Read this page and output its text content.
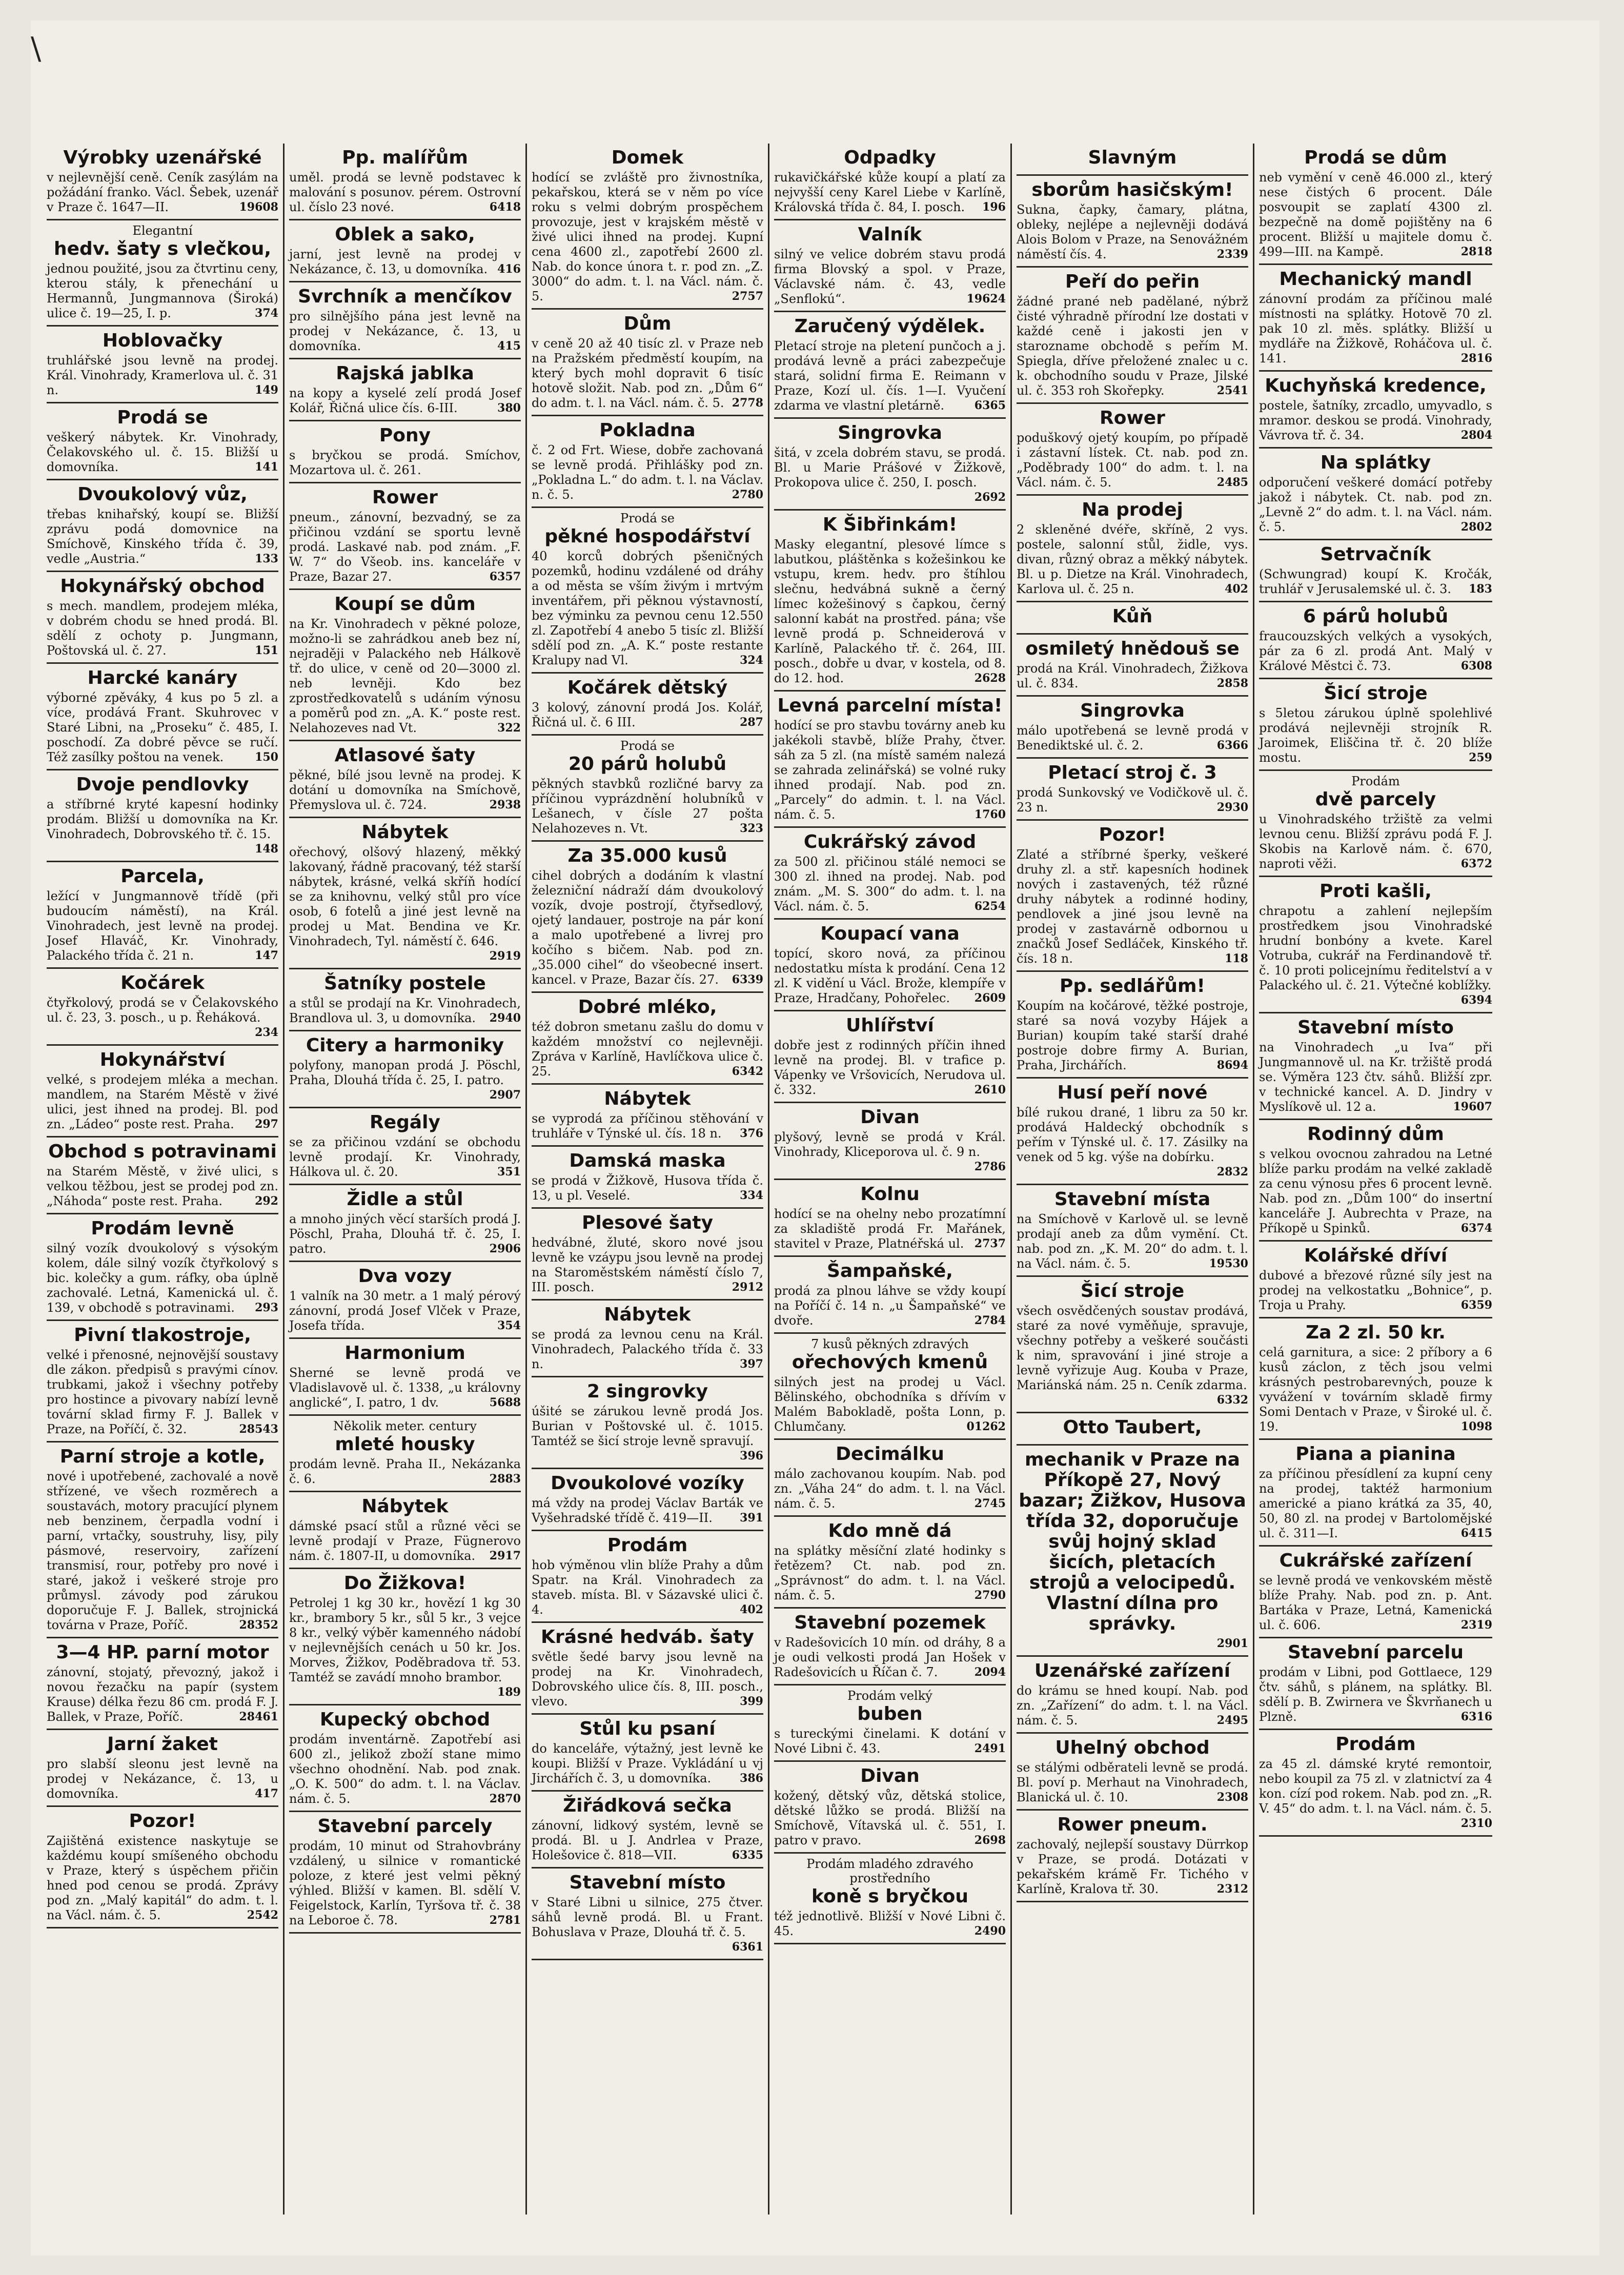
\
Výrobky uzenářské
v nejlevnější ceně. Ceník zasýlám na požádání franko. Václ. Šebek, uzenář v Praze č. 1647—II.	19608
Elegantní
hedv. šaty s vlečkou,
jednou použité, jsou za čtvrtinu ceny, kterou stály, k přenechání u Hermannů, Jungmannova (Široká) ulice č. 19—25, I. p.	374
Hoblovačky
truhlářské jsou levně na prodej. Král. Vinohrady, Kramerlova ul. č. 31 n.	149
Prodá se
veškerý nábytek. Kr. Vinohrady, Čelakovského ul. č. 15. Bližší u domovníka.	141
Dvoukolový vůz,
třebas knihařský, koupí se. Bližší zprávu podá domovnice na Smíchově, Kinského třída č. 39, vedle „Austria.“	133
Hokynářský obchod
s mech. mandlem, prodejem mléka, v dobrém chodu se hned prodá. Bl. sdělí z ochoty p. Jungmann, Poštovská ul. č. 27.	151
Harcké kanáry
výborné zpěváky, 4 kus po 5 zl. a více, prodává Frant. Skuhrovec v Staré Libni, na „Proseku“ č. 485, I. poschodí. Za dobré pěvce se ručí. Též zasílky poštou na venek.	150
Dvoje pendlovky
a stříbrné kryté kapesní hodinky prodám. Bližší u domovníka na Kr. Vinohradech, Dobrovského tř. č. 15.
148
Parcela,
ležící v Jungmannově třídě (při budoucím náměstí), na Král. Vinohradech, jest levně na prodej. Josef Hlaváč, Kr. Vinohrady, Palackého třída č. 21 n.	147
Kočárek
čtyřkolový, prodá se v Čelakovského ul. č. 23, 3. posch., u p. Řeháková.
234
Hokynářství
velké, s prodejem mléka a mechan. mandlem, na Starém Městě v živé ulici, jest ihned na prodej. Bl. pod zn. „Ládeo“ poste rest. Praha. 297
Obchod s potravinami
na Starém Městě, v živé ulici, s velkou těžbou, jest se prodej pod zn. „Náhoda“ poste rest. Praha.	292
Prodám levně
silný vozík dvoukolový s výsokým kolem, dále silný vozík čtyřkolový s bic. kolečky a gum. ráfky, oba úplně zachovalé. Letná, Kamenická ul. č. 139, v obchodě s potravinami. 293
Pivní tlakostroje,
velké i přenosné, nejnovější soustavy dle zákon. předpisů s pravými cínov. trubkami, jakož i všechny potřeby pro hostince a pivovary nabízí levně tovární sklad firmy F. J. Ballek v Praze, na Poříčí, č. 32.	28543
Parní stroje a kotle,
nové i upotřebené, zachovalé a nově střízené, ve všech rozměrech a soustavách, motory pracující plynem neb benzinem, čerpadla vodní i parní, vrtačky, soustruhy, lisy, pily pásmové, reservoiry, zařízení transmisí, rour, potřeby pro nové i staré, jakož i veškeré stroje pro průmysl. závody pod zárukou doporučuje F. J. Ballek, strojnická továrna v Praze, Poříč.	28352
3—4 HP. parní motor
zánovní, stojatý, převozný, jakož i novou řezačku na papír (system Krause) délka řezu 86 cm. prodá F. J. Ballek, v Praze, Poříč.	28461
Jarní žaket
pro slabší sleonu jest levně na prodej v Nekázance, č. 13, u domovníka.	417
Pozor!
Zajištěná existence naskytuje se každému koupí smíšeného obchodu v Praze, který s úspěchem přičin hned pod cenou se prodá. Zprávy pod zn. „Malý kapitál“ do adm. t. l. na Václ. nám. č. 5.	2542
Pp. malířům
uměl. prodá se levně podstavec k malování s posunov. pérem. Ostrovní ul. číslo 23 nové.	6418
Oblek a sako,
jarní, jest levně na prodej v Nekázance, č. 13, u domovníka. 416
Svrchník a menčíkov
pro silnějšího pána jest levně na prodej v Nekázance, č. 13, u domovníka.	415
Rajská jablka
na kopy a kyselé zelí prodá Josef Kolář, Řičná ulice čís. 6-III.	380
Pony
s bryčkou se prodá. Smíchov, Mozartova ul. č. 261.
Rower
pneum., zánovní, bezvadný, se za přičinou vzdání se sportu levně prodá. Laskavé nab. pod znám. „F. W. 7“ do Všeob. ins. kanceláře v Praze, Bazar 27.	6357
Koupí se dům
na Kr. Vinohradech v pěkné poloze, možno-li se zahrádkou aneb bez ní, nejraději v Palackého neb Hálkově tř. do ulice, v ceně od 20—3000 zl. neb levněji. Kdo bez zprostředkovatelů s udáním výnosu a poměrů pod zn. „A. K.“ poste rest. Nelahozeves nad Vt.	322
Atlasové šaty
pěkné, bílé jsou levně na prodej. K dotání u domovníka na Smíchově, Přemyslova ul. č. 724.	2938
Nábytek
ořechový, olšový hlazený, měkký lakovaný, řádně pracovaný, též starší nábytek, krásné, velká skříň hodící se za knihovnu, velký stůl pro více osob, 6 fotelů a jiné jest levně na prodej u Mat. Bendina ve Kr. Vinohradech, Tyl. náměstí č. 646.
2919
Šatníky postele
a stůl se prodají na Kr. Vinohradech, Brandlova ul. 3, u domovníka. 2940
Citery a harmoniky
polyfony, manopan prodá J. Pöschl, Praha, Dlouhá třída č. 25, I. patro.
2907
Regály
se za přičinou vzdání se obchodu levně prodají. Kr. Vinohrady, Hálkova ul. č. 20.	351
Židle a stůl
a mnoho jiných věcí starších prodá J. Pöschl, Praha, Dlouhá tř. č. 25, I. patro.	2906
Dva vozy
1 valník na 30 metr. a 1 malý pérový zánovní, prodá Josef Vlček v Praze, Josefa třída.	354
Harmonium
Sherné se levně prodá ve Vladislavově ul. č. 1338, „u královny anglické“, I. patro, 1 dv.	5688
Několik meter. century
mleté housky
prodám levně. Praha II., Nekázanka č. 6.	2883
Nábytek
dámské psací stůl a různé věci se levně prodají v Praze, Fügnerovo nám. č. 1807-II, u domovníka. 2917
Do Žižkova!
Petrolej 1 kg 30 kr., hovězí 1 kg 30 kr., brambory 5 kr., sůl 5 kr., 3 vejce 8 kr., velký výběr kamenného nádobí v nejlevnějších cenách u 50 kr. Jos. Morves, Žižkov, Poděbradova tř. 53. Tamtéž se zavádí mnoho brambor.
189
Kupecký obchod
prodám inventárně. Zapotřebí asi 600 zl., jelikož zboží stane mimo všechno ohodnění. Nab. pod znak. „O. K. 500“ do adm. t. l. na Václav. nám. č. 5.	2870
Stavební parcely
prodám, 10 minut od Strahovbrány vzdálený, u silnice v romantické poloze, z které jest velmi pěkný výhled. Bližší v kamen. Bl. sdělí V. Feigelstock, Karlín, Tyršova tř. č. 38 na Leboroe č. 78.	2781
Domek
hodící se zvláště pro živnostníka, pekařskou, která se v něm po více roku s velmi dobrým prospěchem provozuje, jest v krajském městě v živé ulici ihned na prodej. Kupní cena 4600 zl., zapotřebí 2600 zl. Nab. do konce února t. r. pod zn. „Z. 3000“ do adm. t. l. na Václ. nám. č. 5.	2757
Dům
v ceně 20 až 40 tisíc zl. v Praze neb na Pražském předměstí koupím, na který bych mohl dopravit 6 tisíc hotově složit. Nab. pod zn. „Dům 6“ do adm. t. l. na Václ. nám. č. 5. 2778
Pokladna
č. 2 od Frt. Wiese, dobře zachovaná se levně prodá. Přihlášky pod zn. „Pokladna L.“ do adm. t. l. na Václav. n. č. 5.	2780
Prodá se
pěkné hospodářství
40 korců dobrých pšeničných pozemků, hodinu vzdálené od dráhy a od města se vším živým i mrtvým inventářem, při pěknou výstavností, bez výminku za pevnou cenu 12.550 zl. Zapotřebí 4 anebo 5 tisíc zl. Bližší sdělí pod zn. „A. K.“ poste restante Kralupy nad Vl.	324
Kočárek dětský
3 kolový, zánovní prodá Jos. Kolář, Řičná ul. č. 6 III.	287
Prodá se
20 párů holubů
pěkných stavbků rozličné barvy za příčinou vyprázdnění holubníků v Lešanech, v čísle 27 pošta Nelahozeves n. Vt.	323
Za 35.000 kusů
cihel dobrých a dodáním k vlastní železniční nádraží dám dvoukolový vozík, dvoje postrojí, čtyřsedlový, ojetý landauer, postroje na pár koní a malo upotřebené a livrej pro kočího s bičem. Nab. pod zn. „35.000 cihel“ do všeobecné insert. kancel. v Praze, Bazar čís. 27. 6339
Dobré mléko,
též dobron smetanu zašlu do domu v každém množství co nejlevněji. Zpráva v Karlíně, Havlíčkova ulice č. 25.	6342
Nábytek
se vyprodá za příčinou stěhování v truhláře v Týnské ul. čís. 18 n. 376
Damská maska
se prodá v Žižkově, Husova třída č. 13, u pl. Veselé.	334
Plesové šaty
hedvábné, žluté, skoro nové jsou levně ke vzáypu jsou levně na prodej na Staroměstském náměstí číslo 7, III. posch.	2912
Nábytek
se prodá za levnou cenu na Král. Vinohradech, Palackého třída č. 33 n.	397
2 singrovky
úšité se zárukou levně prodá Jos. Burian v Poštovské ul. č. 1015. Tamtéž se šicí stroje levně spravují.
396
Dvoukolové vozíky
má vždy na prodej Václav Barták ve Vyšehradské třídě č. 419—II. 391
Prodám
hob výměnou vlin blíže Prahy a dům Spatr. na Král. Vinohradech za staveb. místa. Bl. v Sázavské ulici č. 4.	402
Krásné hedváb. šaty
světle šedé barvy jsou levně na prodej na Kr. Vinohradech, Dobrovského ulice čís. 8, III. posch., vlevo.	399
Stůl ku psaní
do kanceláře, výtažný, jest levně ke koupi. Bližší v Praze. Vykládání u vj Jirchářích č. 3, u domovníka.	386
Žiřádková sečka
zánovní, lidkový systém, levně se prodá. Bl. u J. Andrlea v Praze, Holešovice č. 818—VII.	6335
Stavební místo
v Staré Libni u silnice, 275 čtver. sáhů levně prodá. Bl. u Frant. Bohuslava v Praze, Dlouhá tř. č. 5.
6361
Odpadky
rukavičkářské kůže koupí a platí za nejvyšší ceny Karel Liebe v Karlíně, Královská třída č. 84, I. posch. 196
Valník
silný ve velice dobrém stavu prodá firma Blovský a spol. v Praze, Václavské nám. č. 43, vedle „Senflokú“.	19624
Zaručený výdělek.
Pletací stroje na pletení punčoch a j. prodává levně a práci zabezpečuje stará, solidní firma E. Reimann v Praze, Kozí ul. čís. 1—I. Vyučení zdarma ve vlastní pletárně.	6365
Singrovka
šitá, v zcela dobrém stavu, se prodá. Bl. u Marie Prášové v Žižkově, Prokopova ulice č. 250, I. posch.
2692
K Šibřinkám!
Masky elegantní, plesové límce s labutkou, pláštěnka s kožešinkou ke vstupu, krem. hedv. pro štíhlou slečnu, hedvábná sukně a černý límec kožešinový s čapkou, černý salonní kabát na prostřed. pána; vše levně prodá p. Schneiderová v Karlíně, Palackého tř. č. 264, III. posch., dobře u dvar, v kostela, od 8. do 12. hod.	2628
Levná parcelní místa!
hodící se pro stavbu továrny aneb ku jakékoli stavbě, blíže Prahy, čtver. sáh za 5 zl. (na místě samém nalezá se zahrada zelinářská) se volné ruky ihned prodají. Nab. pod zn. „Parcely“ do admin. t. l. na Václ. nám. č. 5.	1760
Cukrářský závod
za 500 zl. přičinou stálé nemoci se 300 zl. ihned na prodej. Nab. pod znám. „M. S. 300“ do adm. t. l. na Václ. nám. č. 5.	6254
Koupací vana
topící, skoro nová, za příčinou nedostatku místa k prodání. Cena 12 zl. K vidění u Václ. Brože, klempíře v Praze, Hradčany, Pohořelec. 2609
Uhlířství
dobře jest z rodinných příčin ihned levně na prodej. Bl. v trafice p. Vápenky ve Vršovicích, Nerudova ul. č. 332.	2610
Divan
plyšový, levně se prodá v Král. Vinohrady, Kliceporova ul. č. 9 n.
2786
Kolnu
hodící se na ohelny nebo prozatímní za skladiště prodá Fr. Mařánek, stavitel v Praze, Platnéřská ul. 2737
Šampaňské,
prodá za plnou láhve se vždy koupí na Poříčí č. 14 n. „u Šampaňské“ ve dvoře.	2784
7 kusů pěkných zdravých
ořechových kmenů
silných jest na prodej u Václ. Bělinského, obchodníka s dřívím v Malém Babokladě, pošta Lonn, p. Chlumčany.	01262
Decimálku
málo zachovanou koupím. Nab. pod zn. „Váha 24“ do adm. t. l. na Václ. nám. č. 5.	2745
Kdo mně dá
na splátky měsíční zlaté hodinky s řetězem? Ct. nab. pod zn. „Správnost“ do adm. t. l. na Václ. nám. č. 5.	2790
Stavební pozemek
v Radešovicích 10 mín. od dráhy, 8 a je oudi velkosti prodá Jan Hošek v Radešovicích u Říčan č. 7.	2094
Prodám velký
buben
s tureckými činelami. K dotání v Nové Libni č. 43.	2491
Divan
kožený, dětský vůz, dětská stolice, dětské lůžko se prodá. Bližší na Smíchově, Vítavská ul. č. 551, I. patro v pravo.	2698
Prodám mladého zdravého prostředního
koně s bryčkou
též jednotlivě. Bližší v Nové Libni č. 45.	2490
Slavným
sborům hasičským!
Sukna, čapky, čamary, plátna, obleky, nejlépe a nejlevněji dodává Alois Bolom v Praze, na Senovážném náměstí čís. 4.	2339
Peří do peřin
žádné prané neb padělané, nýbrž čisté výhradně přírodní lze dostati v každé ceně i jakosti jen v starozname obchodě s peřím M. Spiegla, dříve přeložené znalec u c. k. obchodního soudu v Praze, Jilské ul. č. 353 roh Skořepky.	2541
Rower
poduškový ojetý koupím, po případě i zástavní lístek. Ct. nab. pod zn. „Poděbrady 100“ do adm. t. l. na Václ. nám. č. 5.	2485
Na prodej
2 skleněné dvéře, skříně, 2 vys. postele, salonní stůl, židle, vys. divan, různý obraz a měkký nábytek. Bl. u p. Dietze na Král. Vinohradech, Karlova ul. č. 25 n.	402
Kůň
osmiletý hnědouš se
prodá na Král. Vinohradech, Žižkova ul. č. 834.	2858
Singrovka
málo upotřebená se levně prodá v Benediktské ul. č. 2.	6366
Pletací stroj č. 3
prodá Sunkovský ve Vodičkově ul. č. 23 n.	2930
Pozor!
Zlaté a stříbrné šperky, veškeré druhy zl. a stř. kapesních hodinek nových i zastavených, též různé druhy nábytek a rodinné hodiny, pendlovek a jiné jsou levně na prodej v zastavárně odbornou u značků Josef Sedláček, Kinského tř. čís. 18 n.	118
Pp. sedlářům!
Koupím na kočárové, těžké postroje, staré sa nová vozyby Hájek a Burian) koupím také starší drahé postroje dobre firmy A. Burian, Praha, Jirchářích.	8694
Husí peří nové
bílé rukou drané, 1 libru za 50 kr. prodává Haldecký obchodník s peřím v Týnské ul. č. 17. Zásilky na venek od 5 kg. výše na dobírku.
2832
Stavební místa
na Smíchově v Karlově ul. se levně prodají aneb za dům vymění. Ct. nab. pod zn. „K. M. 20“ do adm. t. l. na Václ. nám. č. 5.	19530
Šicí stroje
všech osvědčených soustav prodává, staré za nové vyměňuje, spravuje, všechny potřeby a veškeré součásti k nim, spravování i jiné stroje a levně vyřizuje Aug. Kouba v Praze, Mariánská nám. 25 n. Ceník zdarma.
6332
Otto Taubert,
mechanik v Praze na Příkopě 27, Nový bazar; Žižkov, Husova třída 32, doporučuje svůj hojný sklad šicích, pletacích strojů a velocipedů. Vlastní dílna pro správky.
2901
Uzenářské zařízení
do krámu se hned koupí. Nab. pod zn. „Zařízení“ do adm. t. l. na Václ. nám. č. 5.	2495
Uhelný obchod
se stálými odběrateli levně se prodá. Bl. poví p. Merhaut na Vinohradech, Blanická ul. č. 10.	2308
Rower pneum.
zachovalý, nejlepší soustavy Dürrkop v Praze, se prodá. Dotázati v pekařském krámě Fr. Tichého v Karlíně, Kralova tř. 30.	2312
Prodá se dům
neb vymění v ceně 46.000 zl., který nese čistých 6 procent. Dále posvoupit se zaplatí 4300 zl. bezpečně na domě pojištěny na 6 procent. Bližší u majitele domu č. 499—III. na Kampě.	2818
Mechanický mandl
zánovní prodám za příčinou malé místnosti na splátky. Hotově 70 zl. pak 10 zl. měs. splátky. Bližší u mydláře na Žižkově, Roháčova ul. č. 141.	2816
Kuchyňská kredence,
postele, šatníky, zrcadlo, umyvadlo, s mramor. deskou se prodá. Vinohrady, Vávrova tř. č. 34.	2804
Na splátky
odporučení veškeré domácí potřeby jakož i nábytek. Ct. nab. pod zn. „Levně 2“ do adm. t. l. na Václ. nám. č. 5.	2802
Setrvačník
(Schwungrad) koupí K. Kročák, truhlář v Jerusalemské ul. č. 3. 183
6 párů holubů
fraucouzských velkých a vysokých, pár za 6 zl. prodá Ant. Malý v Králové Městci č. 73.	6308
Šicí stroje
s 5letou zárukou úplně spolehlivé prodává nejlevněji strojník R. Jaroimek, Eliščina tř. č. 20 blíže mostu.	259
Prodám
dvě parcely
u Vinohradského tržiště za velmi levnou cenu. Bližší zprávu podá F. J. Skobis na Karlově nám. č. 670, naproti věži.	6372
Proti kašli,
chrapotu a zahlení nejlepším prostředkem jsou Vinohradské hrudní bonbóny a kvete. Karel Votruba, cukrář na Ferdinandově tř. č. 10 proti policejnímu ředitelství a v Palackého ul. č. 21. Výtečné koblížky.
6394
Stavební místo
na Vinohradech „u Iva“ při Jungmannově ul. na Kr. tržiště prodá se. Výměra 123 čtv. sáhů. Bližší zpr. v technické kancel. A. D. Jindry v Myslíkově ul. 12 a.	19607
Rodinný dům
s velkou ovocnou zahradou na Letné blíže parku prodám na velké zakladě za cenu výnosu přes 6 procent levně. Nab. pod zn. „Dům 100“ do insertní kanceláře J. Aubrechta v Praze, na Příkopě u Spinků.	6374
Kolářské dříví
dubové a březové různé síly jest na prodej na velkostatku „Bohnice“, p. Troja u Prahy.	6359
Za 2 zl. 50 kr.
celá garnitura, a sice: 2 příbory a 6 kusů záclon, z těch jsou velmi krásných pestrobarevných, pouze k vyvážení v továrním skladě firmy Somi Dentach v Praze, v Široké ul. č. 19.	1098
Piana a pianina
za příčinou přesídlení za kupní ceny na prodej, taktéž harmonium americké a piano krátká za 35, 40, 50, 80 zl. na prodej v Bartolomějské ul. č. 311—I.	6415
Cukrářské zařízení
se levně prodá ve venkovském městě blíže Prahy. Nab. pod zn. p. Ant. Bartáka v Praze, Letná, Kamenická ul. č. 606.	2319
Stavební parcelu
prodám v Libni, pod Gottlaece, 129 čtv. sáhů, s plánem, na splátky. Bl. sdělí p. B. Zwirnera ve Škvrňanech u Plzně.	6316
Prodám
za 45 zl. dámské kryté remontoir, nebo koupil za 75 zl. v zlatnictví za 4 kon. cízí pod rokem. Nab. pod zn. „R. V. 45“ do adm. t. l. na Václ. nám. č. 5.
2310
